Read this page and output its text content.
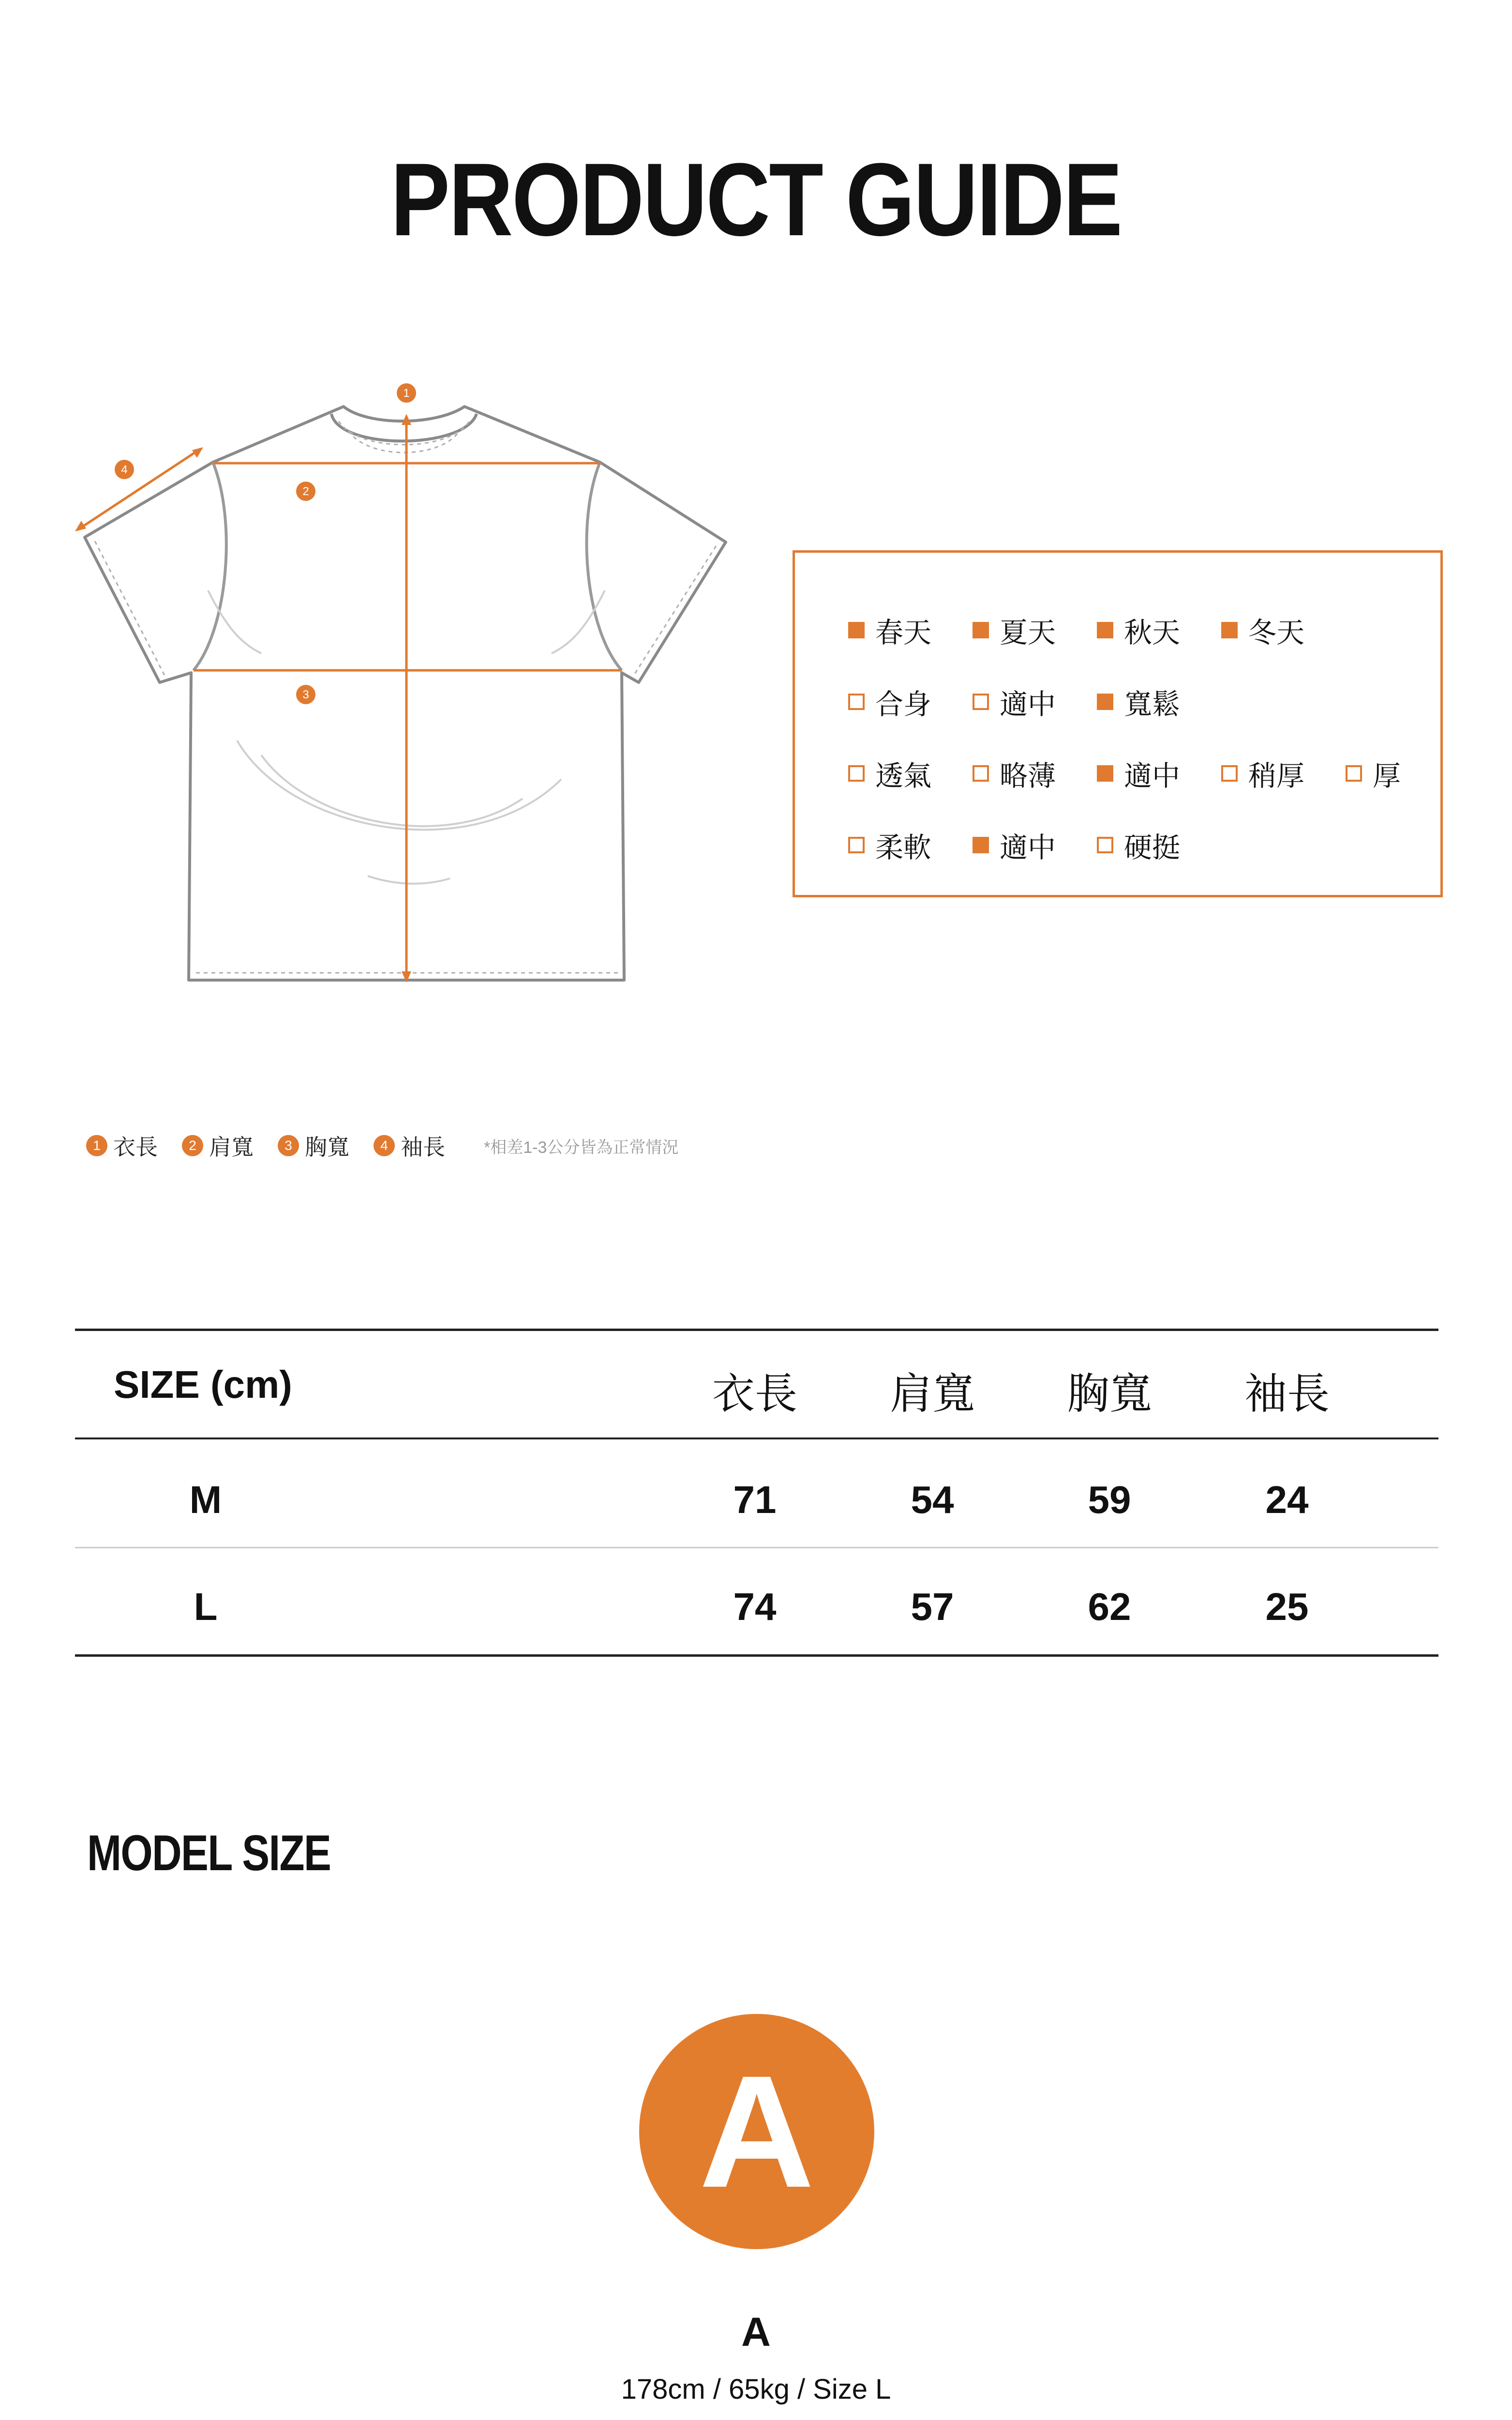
PRODUCT GUIDE
1
2
3
4
春天 夏天 秋天 冬天
合身 適中 寬鬆
透氣 略薄 適中 稍厚 厚
柔軟 適中 硬挺
1 衣長	2 肩寬	3 胸寬	4 袖長 *相差1-3公分皆為正常情況
SIZE (cm)	衣長	肩寬	胸寬	袖長
M	71	54	59	24
L	74	57	62	25
MODEL SIZE
A
A
178cm / 65kg / Size L
